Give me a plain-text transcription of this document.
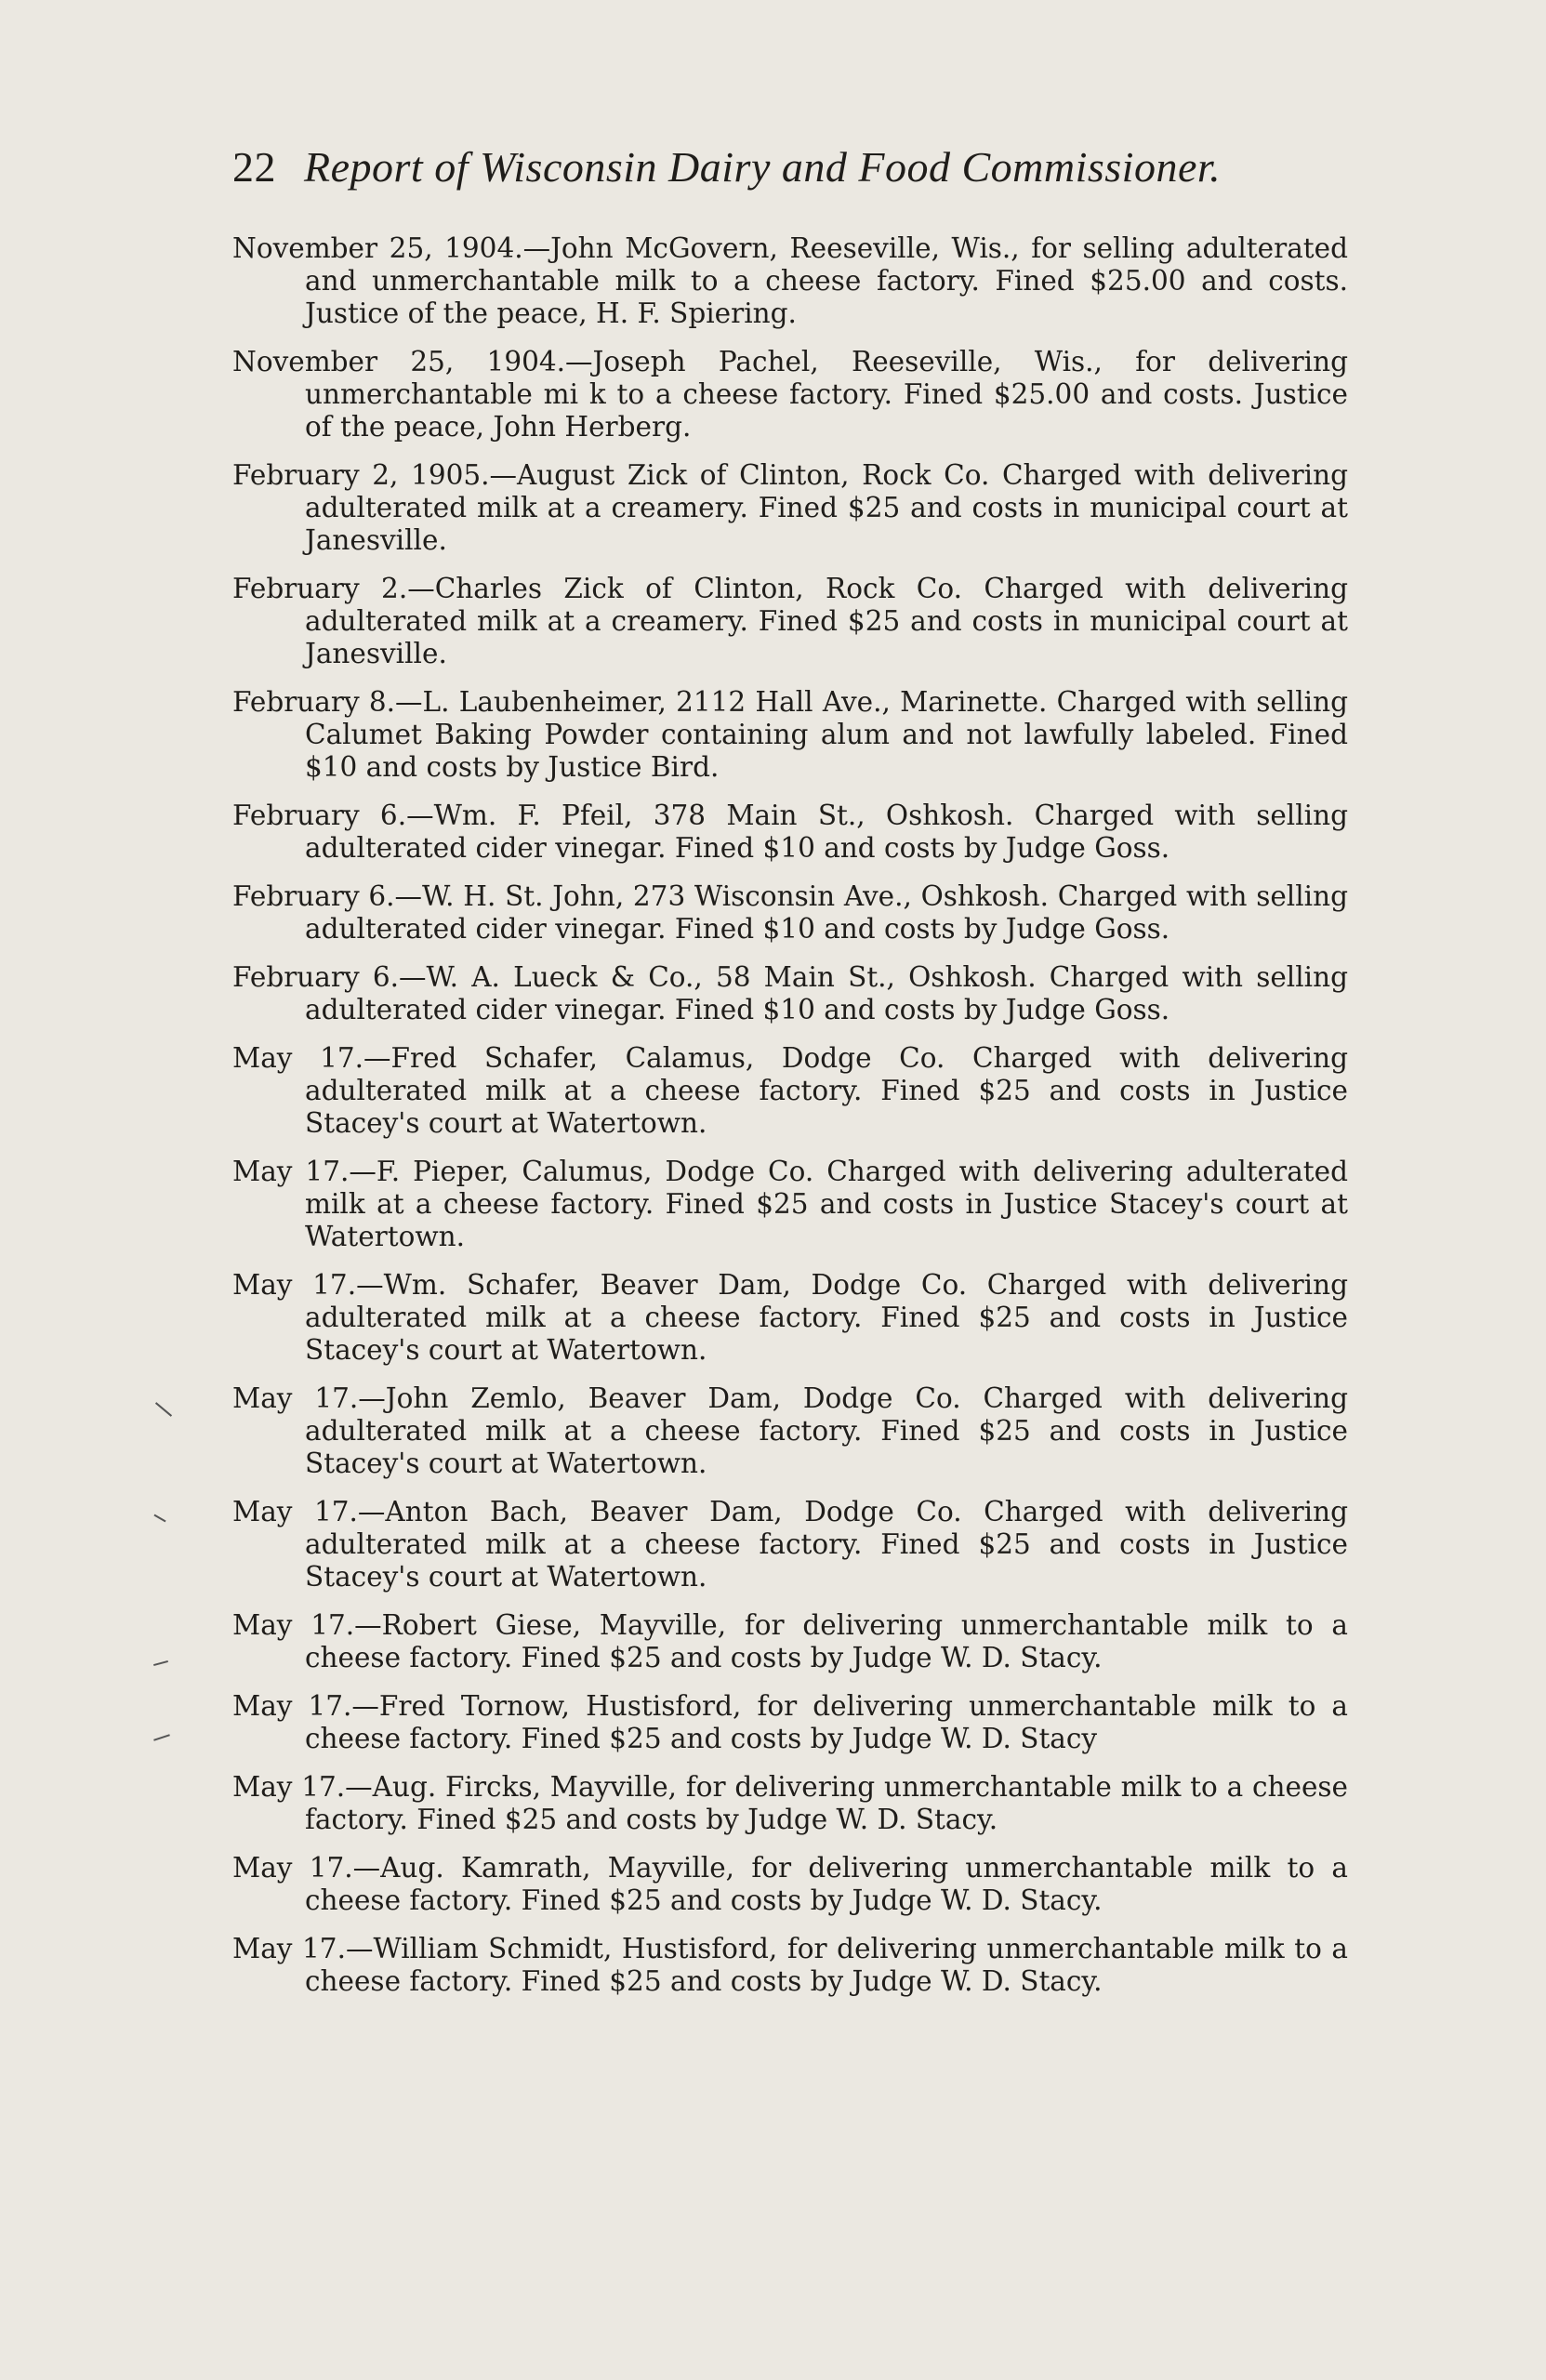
22 Report of Wisconsin Dairy and Food Commissioner.

November 25, 1904.—John McGovern, Reeseville, Wis., for selling adulterated and unmerchantable milk to a cheese factory. Fined $25.00 and costs. Justice of the peace, H. F. Spiering.

November 25, 1904.—Joseph Pachel, Reeseville, Wis., for delivering unmerchantable mi k to a cheese factory. Fined $25.00 and costs. Justice of the peace, John Herberg.

February 2, 1905.—August Zick of Clinton, Rock Co. Charged with delivering adulterated milk at a creamery. Fined $25 and costs in municipal court at Janesville.

February 2.—Charles Zick of Clinton, Rock Co. Charged with delivering adulterated milk at a creamery. Fined $25 and costs in municipal court at Janesville.

February 8.—L. Laubenheimer, 2112 Hall Ave., Marinette. Charged with selling Calumet Baking Powder containing alum and not lawfully labeled. Fined $10 and costs by Justice Bird.

February 6.—Wm. F. Pfeil, 378 Main St., Oshkosh. Charged with selling adulterated cider vinegar. Fined $10 and costs by Judge Goss.

February 6.—W. H. St. John, 273 Wisconsin Ave., Oshkosh. Charged with selling adulterated cider vinegar. Fined $10 and costs by Judge Goss.

February 6.—W. A. Lueck & Co., 58 Main St., Oshkosh. Charged with selling adulterated cider vinegar. Fined $10 and costs by Judge Goss.

May 17.—Fred Schafer, Calamus, Dodge Co. Charged with delivering adulterated milk at a cheese factory. Fined $25 and costs in Justice Stacey's court at Watertown.

May 17.—F. Pieper, Calumus, Dodge Co. Charged with delivering adulterated milk at a cheese factory. Fined $25 and costs in Justice Stacey's court at Watertown.

May 17.—Wm. Schafer, Beaver Dam, Dodge Co. Charged with delivering adulterated milk at a cheese factory. Fined $25 and costs in Justice Stacey's court at Watertown.

May 17.—John Zemlo, Beaver Dam, Dodge Co. Charged with delivering adulterated milk at a cheese factory. Fined $25 and costs in Justice Stacey's court at Watertown.

May 17.—Anton Bach, Beaver Dam, Dodge Co. Charged with delivering adulterated milk at a cheese factory. Fined $25 and costs in Justice Stacey's court at Watertown.

May 17.—Robert Giese, Mayville, for delivering unmerchantable milk to a cheese factory. Fined $25 and costs by Judge W. D. Stacy.

May 17.—Fred Tornow, Hustisford, for delivering unmerchantable milk to a cheese factory. Fined $25 and costs by Judge W. D. Stacy

May 17.—Aug. Fircks, Mayville, for delivering unmerchantable milk to a cheese factory. Fined $25 and costs by Judge W. D. Stacy.

May 17.—Aug. Kamrath, Mayville, for delivering unmerchantable milk to a cheese factory. Fined $25 and costs by Judge W. D. Stacy.

May 17.—William Schmidt, Hustisford, for delivering unmerchantable milk to a cheese factory. Fined $25 and costs by Judge W. D. Stacy.
